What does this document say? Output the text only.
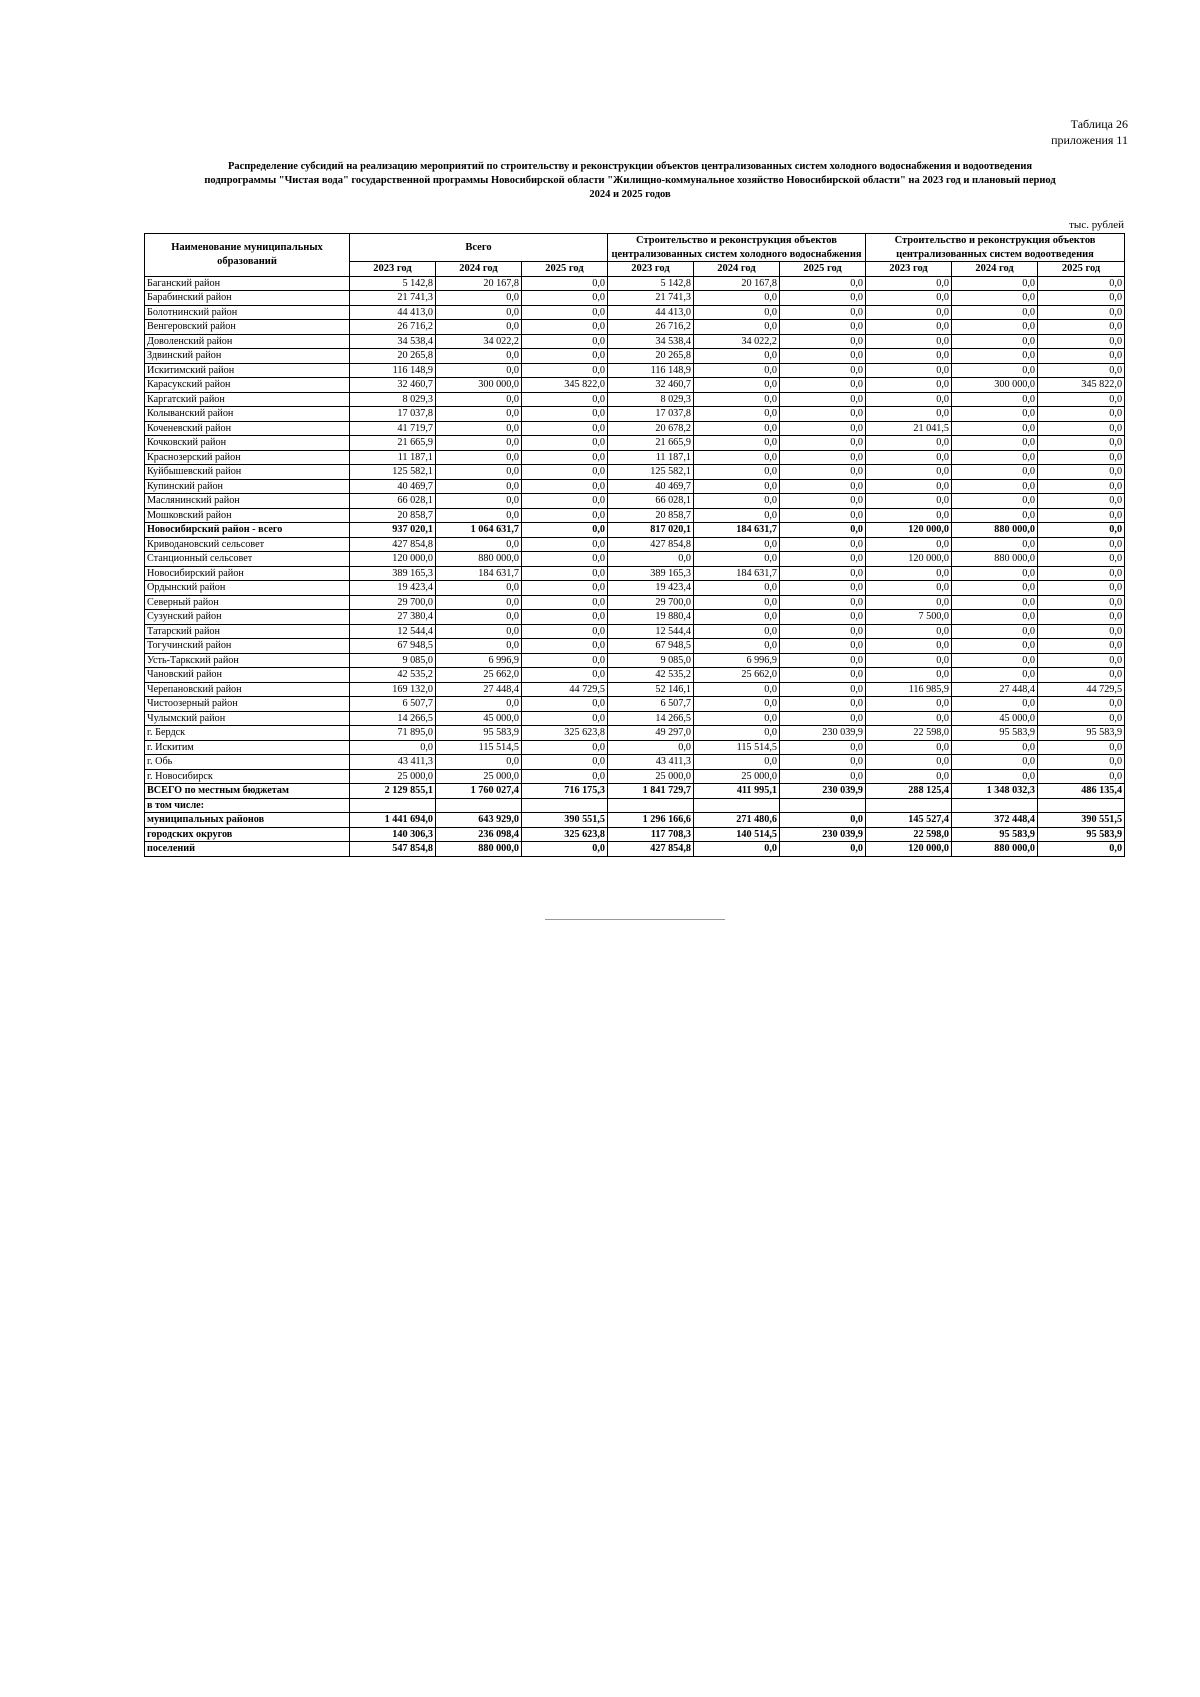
Таблица 26
приложения 11
Распределение субсидий на реализацию мероприятий по строительству и реконструкции объектов централизованных систем холодного водоснабжения и водоотведения
подпрограммы "Чистая вода" государственной программы Новосибирской области "Жилищно-коммунальное хозяйство Новосибирской области" на 2023 год и плановый период
2024 и 2025 годов
тыс. рублей
Наименование муниципальных образований	Всего			Строительство и реконструкция объектов централизованных систем холодного водоснабжения			Строительство и реконструкция объектов централизованных систем водоотведения		
	2023 год	2024 год	2025 год	2023 год	2024 год	2025 год	2023 год	2024 год	2025 год
Баганский район	5 142,8	20 167,8	0,0	5 142,8	20 167,8	0,0	0,0	0,0	0,0
Барабинский район	21 741,3	0,0	0,0	21 741,3	0,0	0,0	0,0	0,0	0,0
Болотнинский район	44 413,0	0,0	0,0	44 413,0	0,0	0,0	0,0	0,0	0,0
Венгеровский район	26 716,2	0,0	0,0	26 716,2	0,0	0,0	0,0	0,0	0,0
Доволенский район	34 538,4	34 022,2	0,0	34 538,4	34 022,2	0,0	0,0	0,0	0,0
Здвинский район	20 265,8	0,0	0,0	20 265,8	0,0	0,0	0,0	0,0	0,0
Искитимский район	116 148,9	0,0	0,0	116 148,9	0,0	0,0	0,0	0,0	0,0
Карасукский район	32 460,7	300 000,0	345 822,0	32 460,7	0,0	0,0	0,0	300 000,0	345 822,0
Каргатский район	8 029,3	0,0	0,0	8 029,3	0,0	0,0	0,0	0,0	0,0
Колыванский район	17 037,8	0,0	0,0	17 037,8	0,0	0,0	0,0	0,0	0,0
Коченевский район	41 719,7	0,0	0,0	20 678,2	0,0	0,0	21 041,5	0,0	0,0
Кочковский район	21 665,9	0,0	0,0	21 665,9	0,0	0,0	0,0	0,0	0,0
Краснозерский район	11 187,1	0,0	0,0	11 187,1	0,0	0,0	0,0	0,0	0,0
Куйбышевский район	125 582,1	0,0	0,0	125 582,1	0,0	0,0	0,0	0,0	0,0
Купинский район	40 469,7	0,0	0,0	40 469,7	0,0	0,0	0,0	0,0	0,0
Маслянинский район	66 028,1	0,0	0,0	66 028,1	0,0	0,0	0,0	0,0	0,0
Мошковский район	20 858,7	0,0	0,0	20 858,7	0,0	0,0	0,0	0,0	0,0
Новосибирский район - всего	937 020,1	1 064 631,7	0,0	817 020,1	184 631,7	0,0	120 000,0	880 000,0	0,0
Криводановский сельсовет	427 854,8	0,0	0,0	427 854,8	0,0	0,0	0,0	0,0	0,0
Станционный сельсовет	120 000,0	880 000,0	0,0	0,0	0,0	0,0	120 000,0	880 000,0	0,0
Новосибирский район	389 165,3	184 631,7	0,0	389 165,3	184 631,7	0,0	0,0	0,0	0,0
Ордынский район	19 423,4	0,0	0,0	19 423,4	0,0	0,0	0,0	0,0	0,0
Северный район	29 700,0	0,0	0,0	29 700,0	0,0	0,0	0,0	0,0	0,0
Сузунский район	27 380,4	0,0	0,0	19 880,4	0,0	0,0	7 500,0	0,0	0,0
Татарский район	12 544,4	0,0	0,0	12 544,4	0,0	0,0	0,0	0,0	0,0
Тогучинский район	67 948,5	0,0	0,0	67 948,5	0,0	0,0	0,0	0,0	0,0
Усть-Таркский район	9 085,0	6 996,9	0,0	9 085,0	6 996,9	0,0	0,0	0,0	0,0
Чановский район	42 535,2	25 662,0	0,0	42 535,2	25 662,0	0,0	0,0	0,0	0,0
Черепановский район	169 132,0	27 448,4	44 729,5	52 146,1	0,0	0,0	116 985,9	27 448,4	44 729,5
Чистоозерный район	6 507,7	0,0	0,0	6 507,7	0,0	0,0	0,0	0,0	0,0
Чулымский район	14 266,5	45 000,0	0,0	14 266,5	0,0	0,0	0,0	45 000,0	0,0
г. Бердск	71 895,0	95 583,9	325 623,8	49 297,0	0,0	230 039,9	22 598,0	95 583,9	95 583,9
г. Искитим	0,0	115 514,5	0,0	0,0	115 514,5	0,0	0,0	0,0	0,0
г. Обь	43 411,3	0,0	0,0	43 411,3	0,0	0,0	0,0	0,0	0,0
г. Новосибирск	25 000,0	25 000,0	0,0	25 000,0	25 000,0	0,0	0,0	0,0	0,0
ВСЕГО по местным бюджетам	2 129 855,1	1 760 027,4	716 175,3	1 841 729,7	411 995,1	230 039,9	288 125,4	1 348 032,3	486 135,4
в том числе:									
муниципальных районов	1 441 694,0	643 929,0	390 551,5	1 296 166,6	271 480,6	0,0	145 527,4	372 448,4	390 551,5
городских округов	140 306,3	236 098,4	325 623,8	117 708,3	140 514,5	230 039,9	22 598,0	95 583,9	95 583,9
поселений	547 854,8	880 000,0	0,0	427 854,8	0,0	0,0	120 000,0	880 000,0	0,0
